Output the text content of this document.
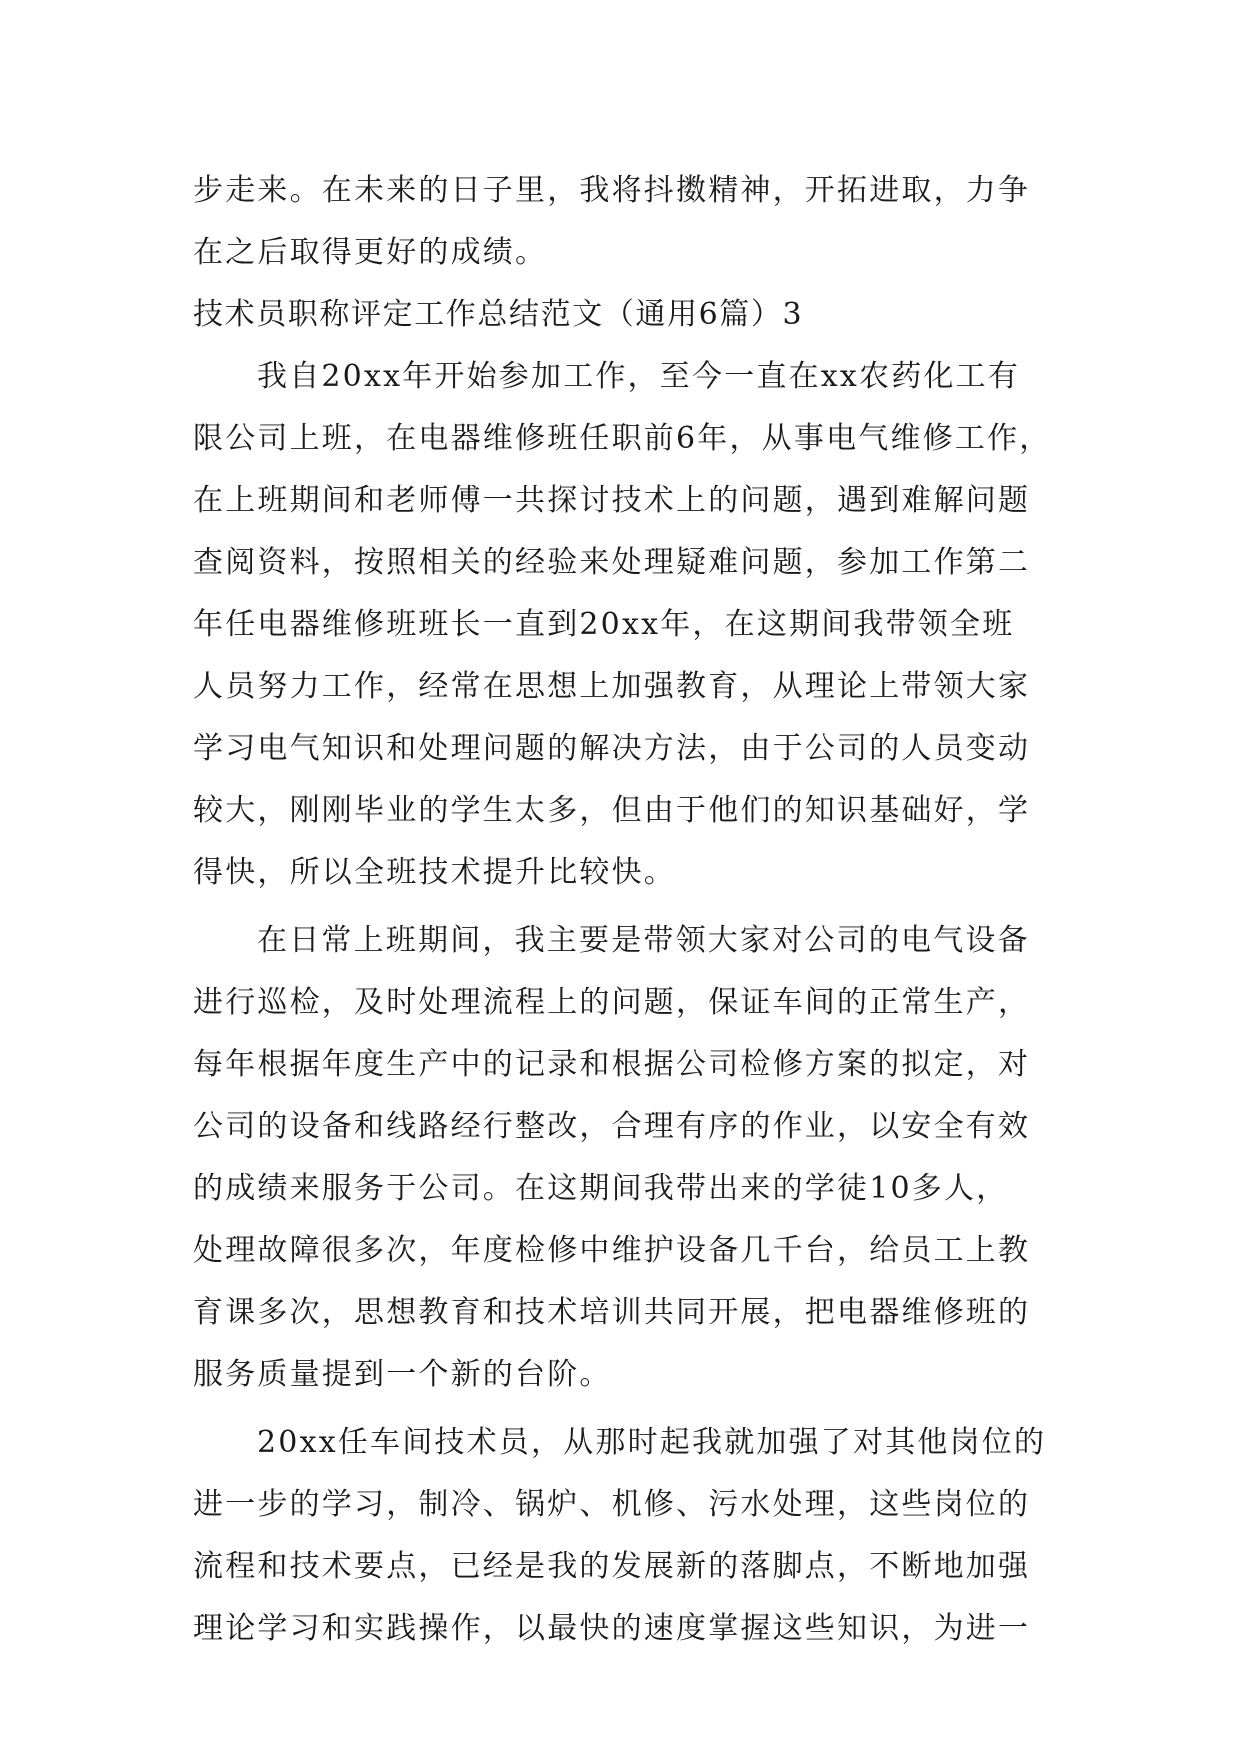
步走来。在未来的日子里，我将抖擞精神，开拓进取，力争
在之后取得更好的成绩。
技术员职称评定工作总结范文（通用6篇）3
我自20xx年开始参加工作，至今一直在xx农药化工有
限公司上班，在电器维修班任职前6年，从事电气维修工作，
在上班期间和老师傅一共探讨技术上的问题，遇到难解问题
查阅资料，按照相关的经验来处理疑难问题，参加工作第二
年任电器维修班班长一直到20xx年，在这期间我带领全班
人员努力工作，经常在思想上加强教育，从理论上带领大家
学习电气知识和处理问题的解决方法，由于公司的人员变动
较大，刚刚毕业的学生太多，但由于他们的知识基础好，学
得快，所以全班技术提升比较快。
在日常上班期间，我主要是带领大家对公司的电气设备
进行巡检，及时处理流程上的问题，保证车间的正常生产，
每年根据年度生产中的记录和根据公司检修方案的拟定，对
公司的设备和线路经行整改，合理有序的作业，以安全有效
的成绩来服务于公司。在这期间我带出来的学徒10多人，
处理故障很多次，年度检修中维护设备几千台，给员工上教
育课多次，思想教育和技术培训共同开展，把电器维修班的
服务质量提到一个新的台阶。
20xx任车间技术员，从那时起我就加强了对其他岗位的
进一步的学习，制冷、锅炉、机修、污水处理，这些岗位的
流程和技术要点，已经是我的发展新的落脚点，不断地加强
理论学习和实践操作，以最快的速度掌握这些知识，为进一
